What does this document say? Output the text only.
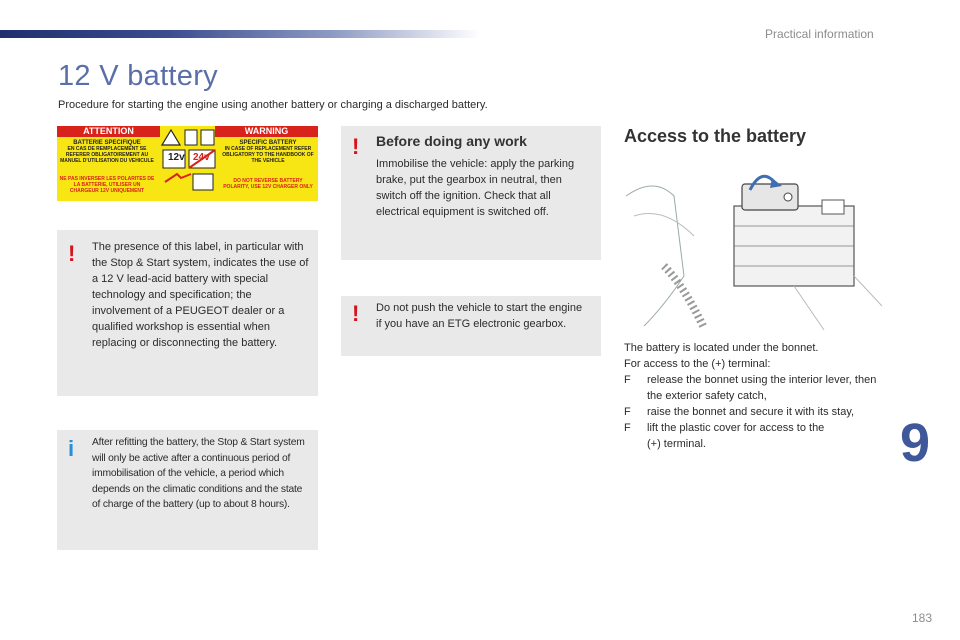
Practical information
12 V battery
Procedure for starting the engine using another battery or charging a discharged battery.
ATTENTION	WARNING
BATTERIE SPECIFIQUE
EN CAS DE REMPLACEMENT SE REFERER OBLIGATOIREMENT AU MANUEL D'UTILISATION DU VEHICULE
SPECIFIC BATTERY
IN CASE OF REPLACEMENT REFER OBLIGATORY TO THE HANDBOOK OF THE VEHICLE
NE PAS INVERSER LES POLARITES DE LA BATTERIE, UTILISER UN CHARGEUR 12V UNIQUEMENT
DO NOT REVERSE BATTERY POLARITY, USE 12V CHARGER ONLY
12v 24v
! The presence of this label, in particular with the Stop & Start system, indicates the use of a 12 V lead-acid battery with special technology and specification; the involvement of a PEUGEOT dealer or a qualified workshop is essential when replacing or disconnecting the battery.
i After refitting the battery, the Stop & Start system will only be active after a continuous period of immobilisation of the vehicle, a period which depends on the climatic conditions and the state of charge of the battery (up to about 8 hours).
! Before doing any work
Immobilise the vehicle: apply the parking brake, put the gearbox in neutral, then switch off the ignition. Check that all electrical equipment is switched off.
! Do not push the vehicle to start the engine if you have an ETG electronic gearbox.
Access to the battery
The battery is located under the bonnet.
For access to the (+) terminal:
F release the bonnet using the interior lever, then the exterior safety catch,
F raise the bonnet and secure it with its stay,
F lift the plastic cover for access to the (+) terminal.	9
183
